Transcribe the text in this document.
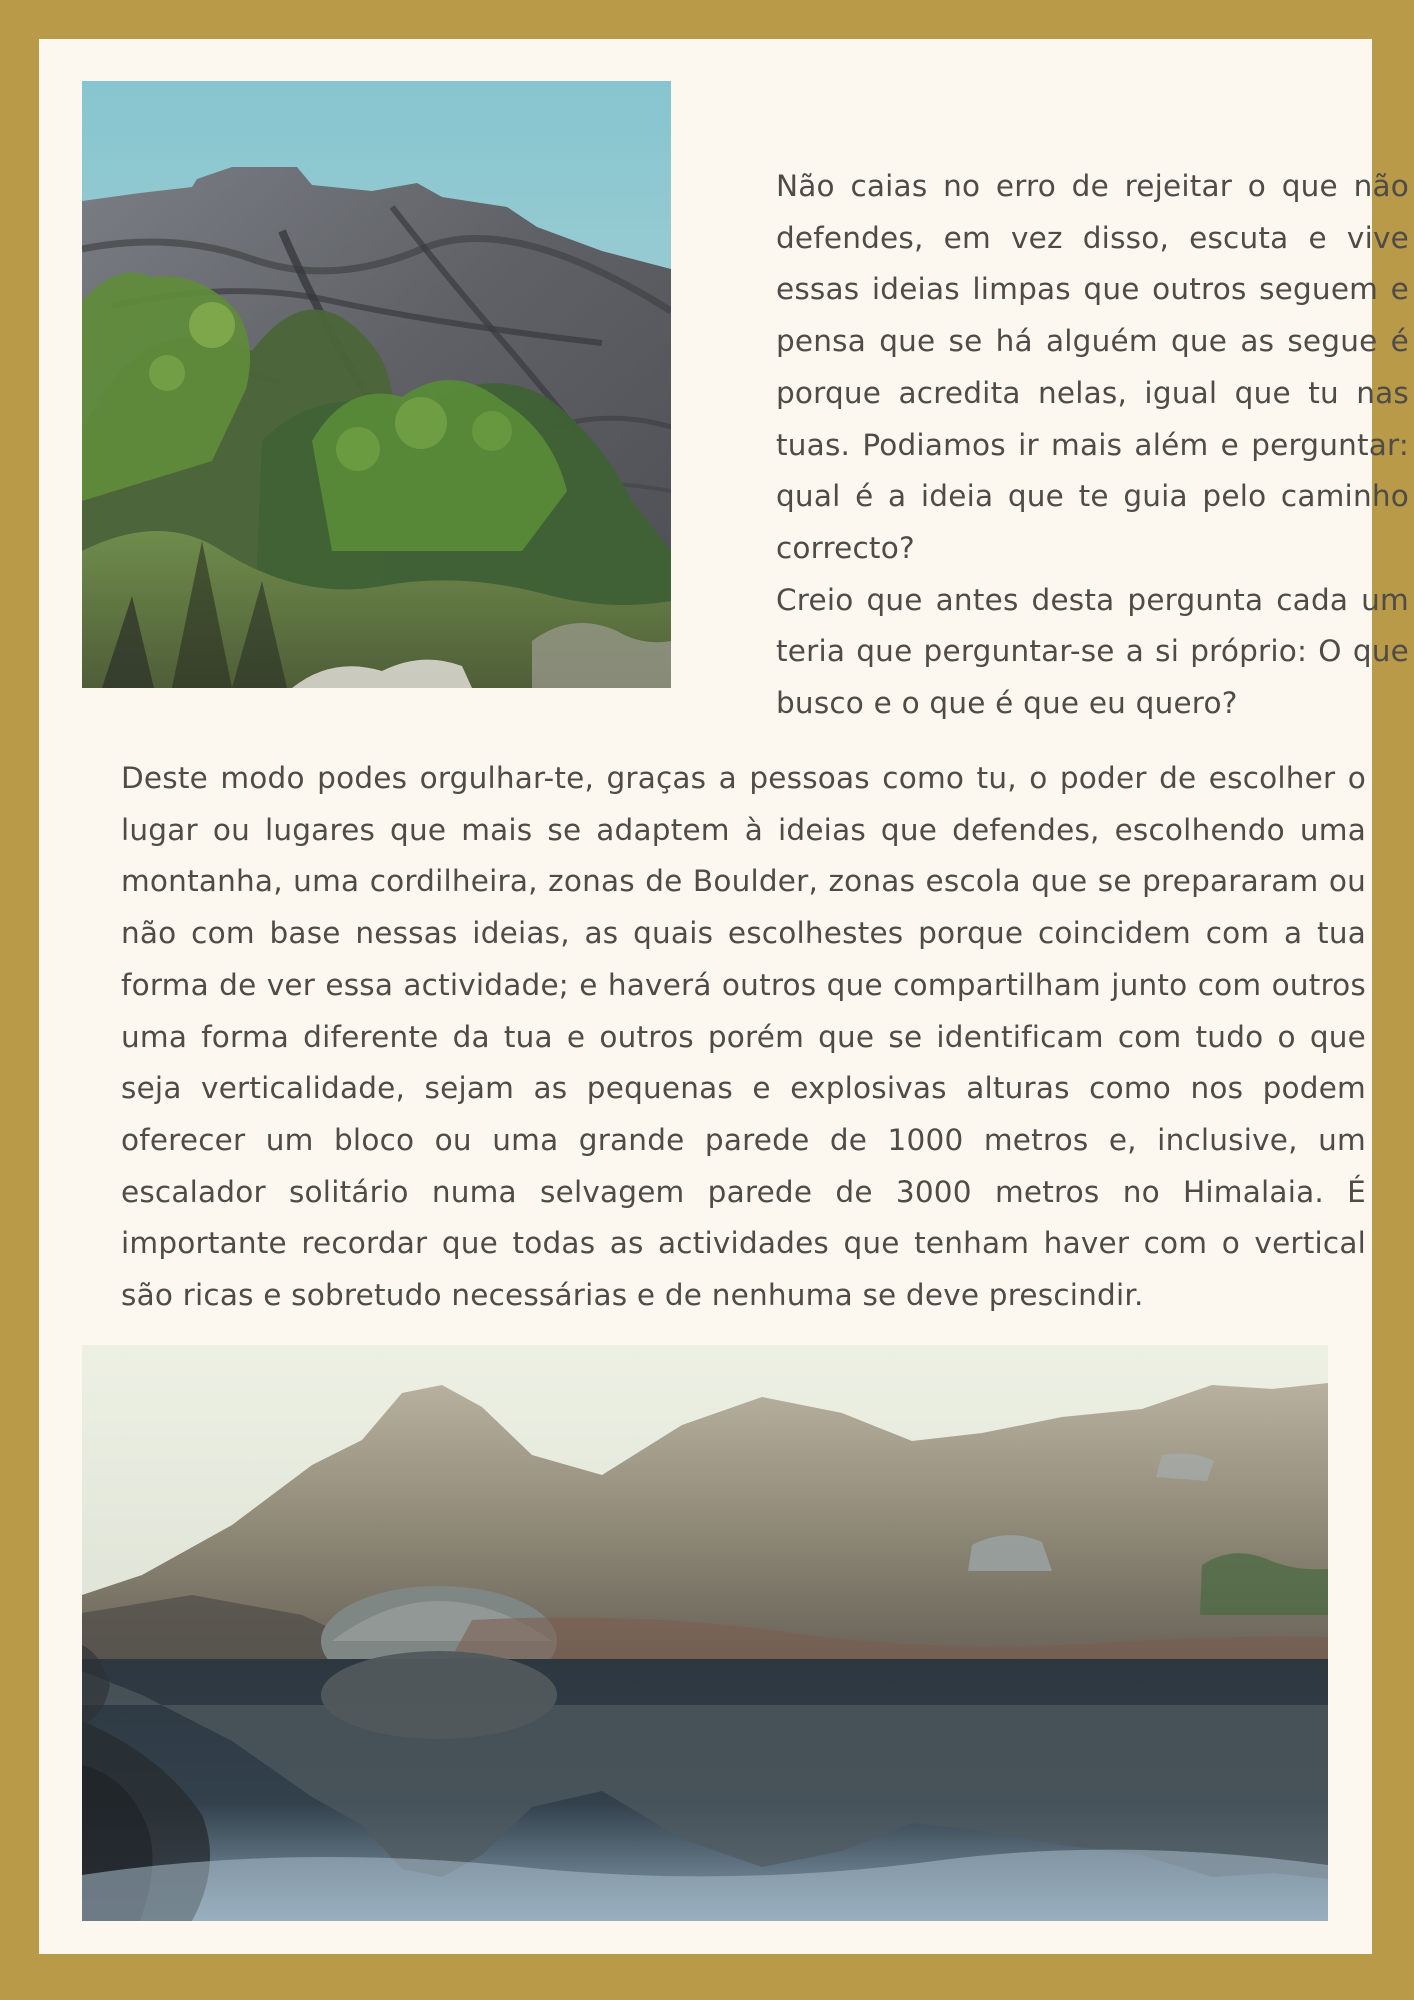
Não caias no erro de rejeitar o que não defendes, em vez disso, escuta e vive essas ideias limpas que outros seguem e pensa que se há alguém que as segue é porque acredita nelas, igual que tu nas tuas. Podiamos ir mais além e perguntar: qual é a ideia que te guia pelo caminho correcto?

Creio que antes desta pergunta cada um teria que perguntar-se a si próprio: O que busco e o que é que eu quero?

Deste modo podes orgulhar-te, graças a pessoas como tu, o poder de escolher o lugar ou lugares que mais se adaptem à ideias que defendes, escolhendo uma montanha, uma cordilheira, zonas de Boulder, zonas escola que se prepararam ou não com base nessas ideias, as quais escolhestes porque coincidem com a tua forma de ver essa actividade; e haverá outros que compartilham junto com outros uma forma diferente da tua e outros porém que se identificam com tudo o que seja verticalidade, sejam as pequenas e explosivas alturas como nos podem oferecer um bloco ou uma grande parede de 1000 metros e, inclusive, um escalador solitário numa selvagem parede de 3000 metros no Himalaia. É importante recordar que todas as actividades que tenham haver com o vertical são ricas e sobretudo necessárias e de nenhuma se deve prescindir.
